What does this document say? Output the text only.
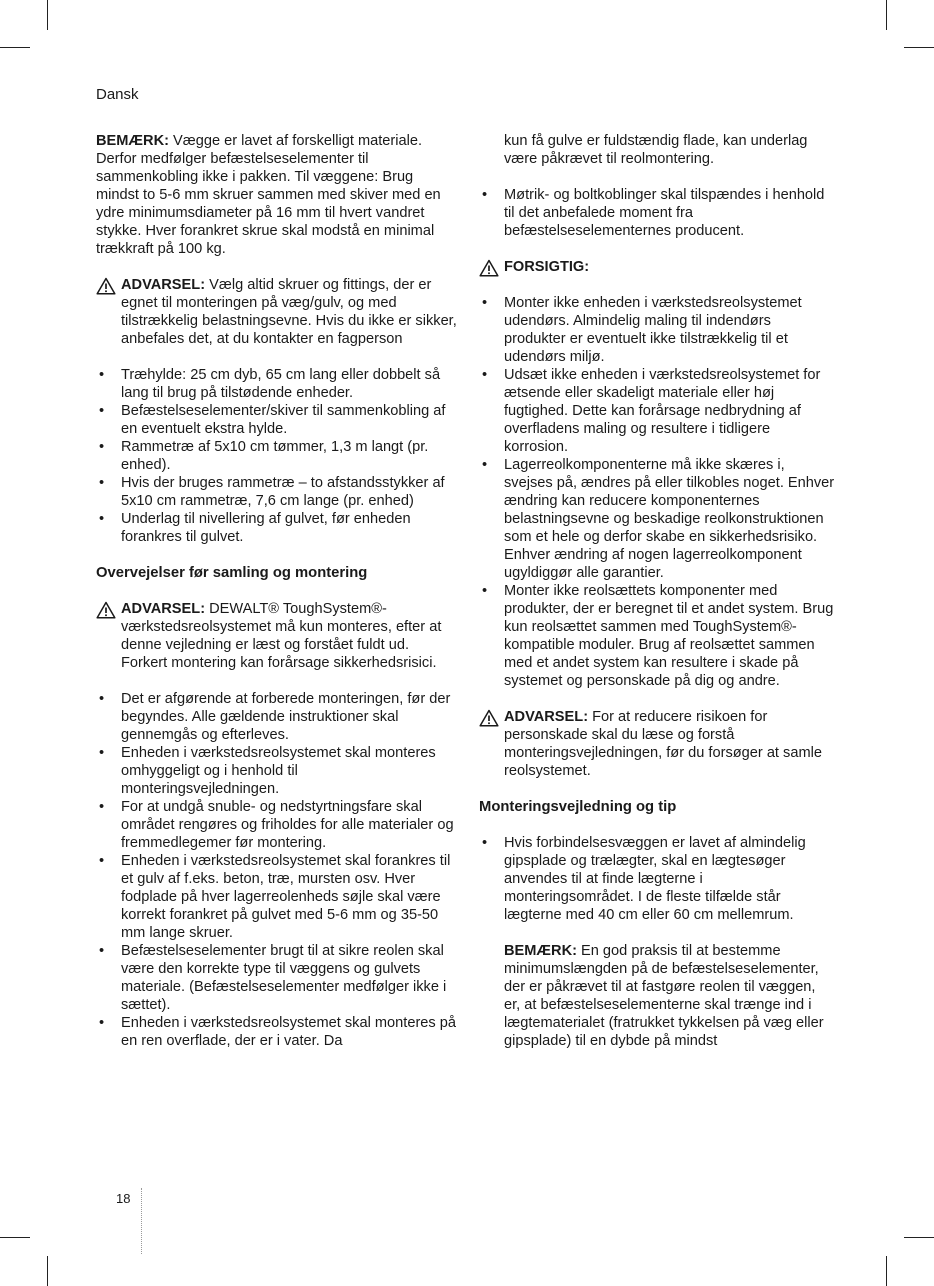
Dansk

BEMÆRK: Vægge er lavet af forskelligt materiale. Derfor medfølger befæstelseselementer til sammenkobling ikke i pakken. Til væggene: Brug mindst to 5-6 mm skruer sammen med skiver med en ydre minimumsdiameter på 16 mm til hvert vandret stykke. Hver forankret skrue skal modstå en minimal trækkraft på 100 kg.

ADVARSEL: Vælg altid skruer og fittings, der er egnet til monteringen på væg/gulv, og med tilstrækkelig belastningsevne. Hvis du ikke er sikker, anbefales det, at du kontakter en fagperson
• Træhylde: 25 cm dyb, 65 cm lang eller dobbelt så lang til brug på tilstødende enheder.
• Befæstelseselementer/skiver til sammenkobling af en eventuelt ekstra hylde.
• Rammetræ af 5x10 cm tømmer, 1,3 m langt (pr. enhed).
• Hvis der bruges rammetræ – to afstandsstykker af 5x10 cm rammetræ, 7,6 cm lange (pr. enhed)
• Underlag til nivellering af gulvet, før enheden forankres til gulvet.

Overvejelser før samling og montering

ADVARSEL: DEWALT® ToughSystem®-værkstedsreolsystemet må kun monteres, efter at denne vejledning er læst og forstået fuldt ud. Forkert montering kan forårsage sikkerhedsrisici.
• Det er afgørende at forberede monteringen, før der begyndes. Alle gældende instruktioner skal gennemgås og efterleves.
• Enheden i værkstedsreolsystemet skal monteres omhyggeligt og i henhold til monteringsvejledningen.
• For at undgå snuble- og nedstyrtningsfare skal området rengøres og friholdes for alle materialer og fremmedlegemer før montering.
• Enheden i værkstedsreolsystemet skal forankres til et gulv af f.eks. beton, træ, mursten osv. Hver fodplade på hver lagerreolenheds søjle skal være korrekt forankret på gulvet med 5-6 mm og 35-50 mm lange skruer.
• Befæstelseselementer brugt til at sikre reolen skal være den korrekte type til væggens og gulvets materiale. (Befæstelseselementer medfølger ikke i sættet).
• Enheden i værkstedsreolsystemet skal monteres på en ren overflade, der er i vater. Da

kun få gulve er fuldstændig flade, kan underlag være påkrævet til reolmontering.

• Møtrik- og boltkoblinger skal tilspændes i henhold til det anbefalede moment fra befæstelseselementernes producent.
FORSIGTIG:
• Monter ikke enheden i værkstedsreolsystemet udendørs. Almindelig maling til indendørs produkter er eventuelt ikke tilstrækkelig til et udendørs miljø.
• Udsæt ikke enheden i værkstedsreolsystemet for ætsende eller skadeligt materiale eller høj fugtighed. Dette kan forårsage nedbrydning af overfladens maling og resultere i tidligere korrosion.
• Lagerreolkomponenterne må ikke skæres i, svejses på, ændres på eller tilkobles noget. Enhver ændring kan reducere komponenternes belastningsevne og beskadige reolkonstruktionen som et hele og derfor skabe en sikkerhedsrisiko. Enhver ændring af nogen lagerreolkomponent ugyldiggør alle garantier.
• Monter ikke reolsættets komponenter med produkter, der er beregnet til et andet system. Brug kun reolsættet sammen med ToughSystem®-kompatible moduler. Brug af reolsættet sammen med et andet system kan resultere i skade på systemet og personskade på dig og andre.
ADVARSEL: For at reducere risikoen for personskade skal du læse og forstå monteringsvejledningen, før du forsøger at samle reolsystemet.

Monteringsvejledning og tip

• Hvis forbindelsesvæggen er lavet af almindelig gipsplade og trælægter, skal en lægtesøger anvendes til at finde lægterne i monteringsområdet. I de fleste tilfælde står lægterne med 40 cm eller 60 cm mellemrum.

BEMÆRK: En god praksis til at bestemme minimumslængden på de befæstelseselementer, der er påkrævet til at fastgøre reolen til væggen, er, at befæstelseselementerne skal trænge ind i lægtematerialet (fratrukket tykkelsen på væg eller gipsplade) til en dybde på mindst

18
